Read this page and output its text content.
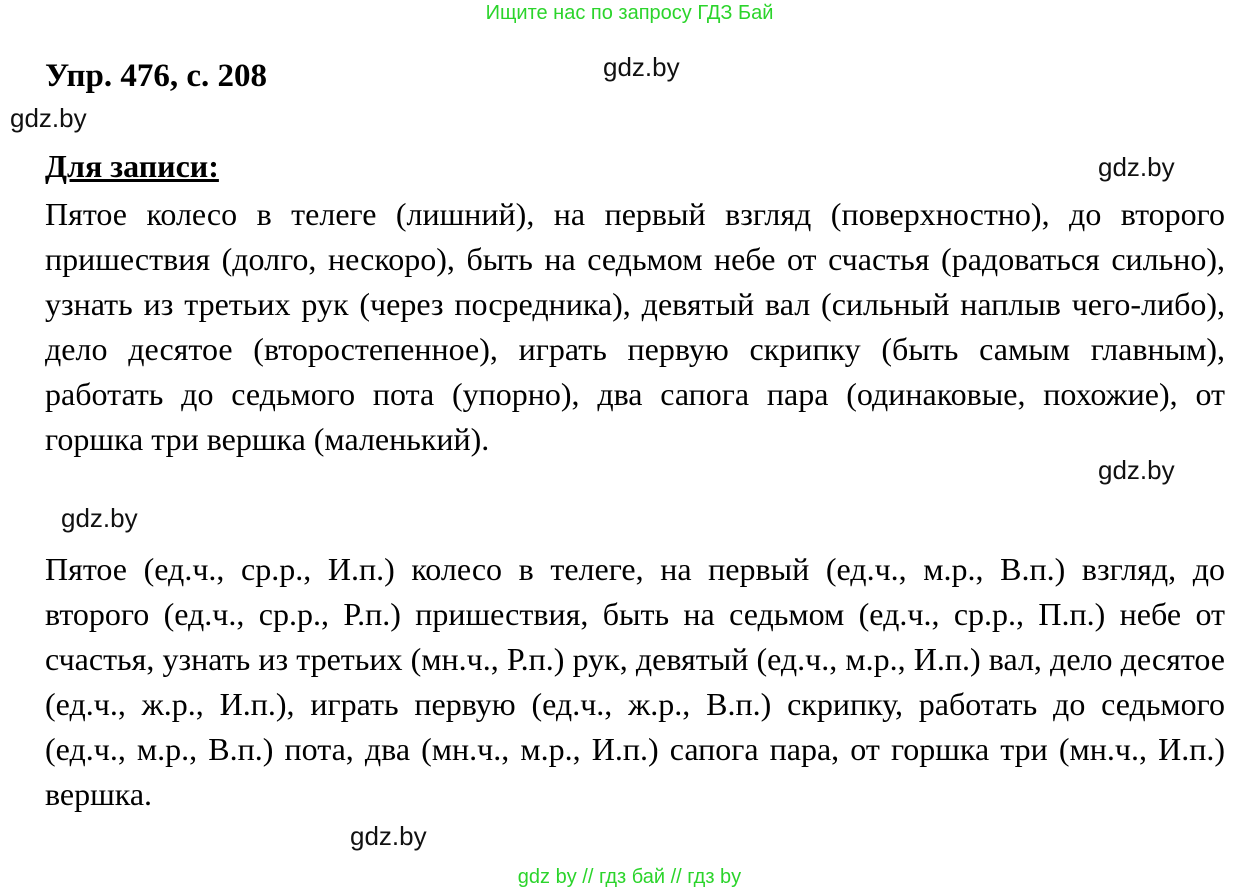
Ищите нас по запросу ГДЗ Бай
Упр. 476, с. 208	gdz.by
gdz.by
Для записи:	gdz.by

Пятое колесо в телеге (лишний), на первый взгляд (поверхностно), до второго пришествия (долго, нескоро), быть на седьмом небе от счастья (радоваться сильно), узнать из третьих рук (через посредника), девятый вал (сильный наплыв чего-либо), дело десятое (второстепенное), играть первую скрипку (быть самым главным), работать до седьмого пота (упорно), два сапога пара (одинаковые, похожие), от горшка три вершка (маленький).

gdz.by
gdz.by

Пятое (ед.ч., ср.р., И.п.) колесо в телеге, на первый (ед.ч., м.р., В.п.) взгляд, до второго (ед.ч., ср.р., Р.п.) пришествия, быть на седьмом (ед.ч., ср.р., П.п.) небе от счастья, узнать из третьих (мн.ч., Р.п.) рук, девятый (ед.ч., м.р., И.п.) вал, дело десятое (ед.ч., ж.р., И.п.), играть первую (ед.ч., ж.р., В.п.) скрипку, работать до седьмого (ед.ч., м.р., В.п.) пота, два (мн.ч., м.р., И.п.) сапога пара, от горшка три (мн.ч., И.п.) вершка.

gdz.by
gdz by // гдз бай // гдз by
